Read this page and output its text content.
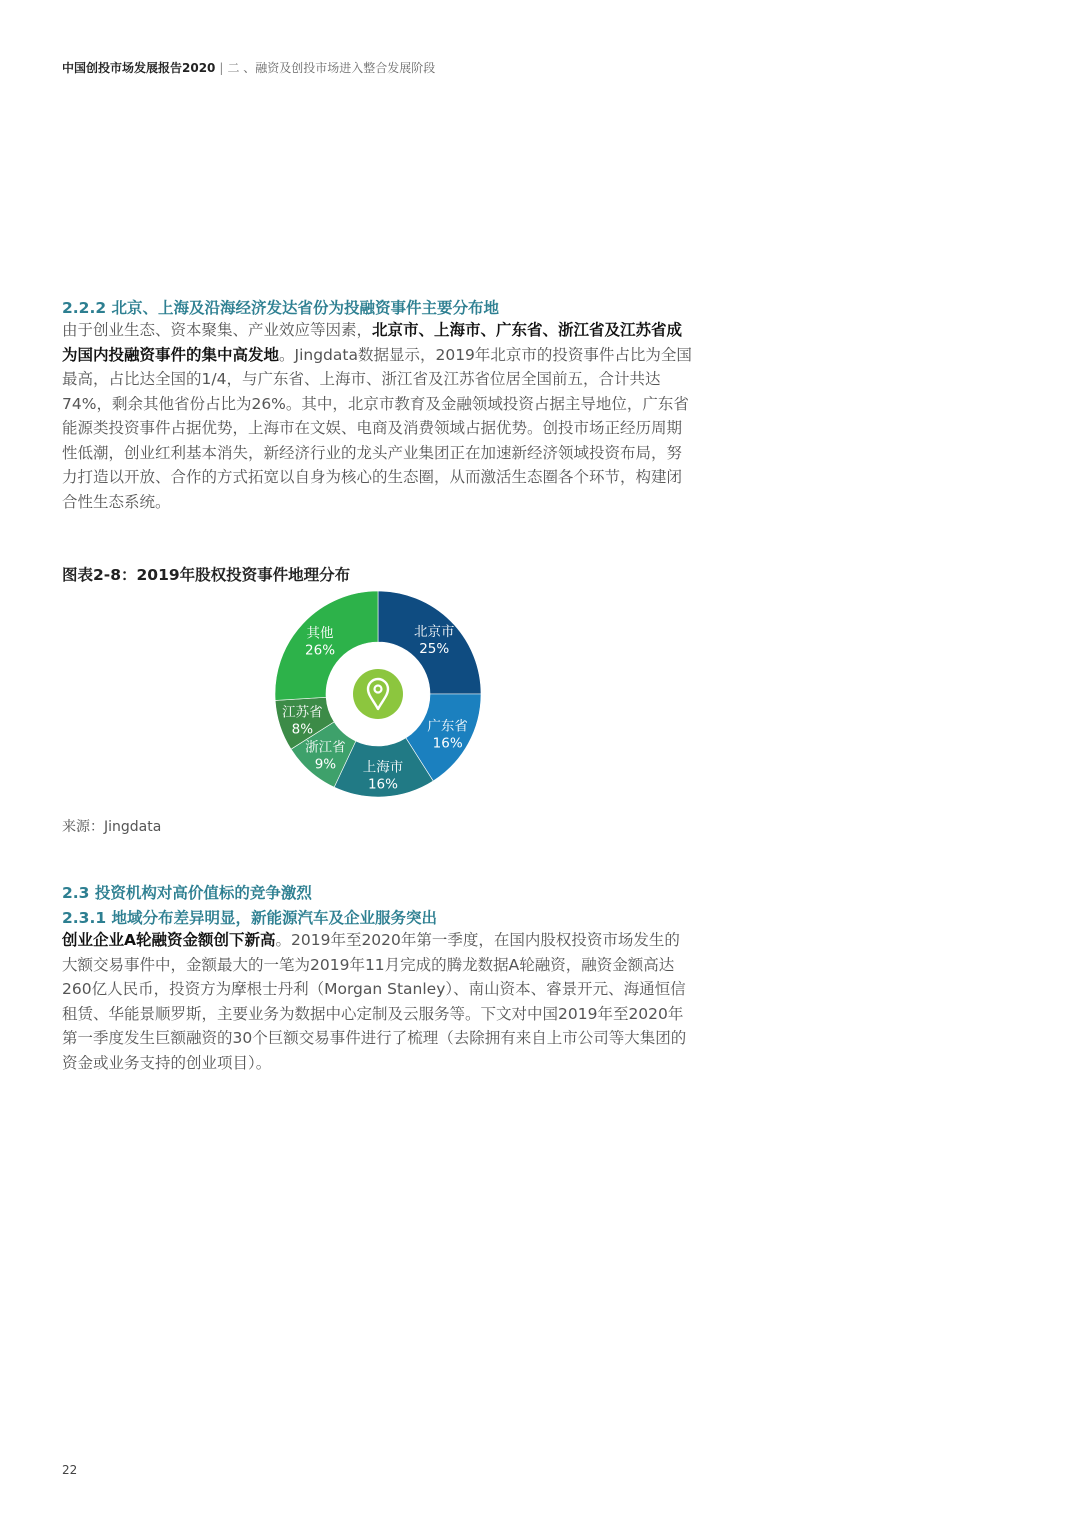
中国创投市场发展报告2020 | 二 、融资及创投市场进入整合发展阶段
2.2.2 北京、上海及沿海经济发达省份为投融资事件主要分布地
由于创业生态、资本聚集、产业效应等因素，北京市、上海市、广东省、浙江省及江苏省成为国内投融资事件的集中高发地。Jingdata数据显示，2019年北京市的投资事件占比为全国最高，占比达全国的1/4，与广东省、上海市、浙江省及江苏省位居全国前五，合计共达74%，剩余其他省份占比为26%。其中，北京市教育及金融领域投资占据主导地位，广东省能源类投资事件占据优势，上海市在文娱、电商及消费领域占据优势。创投市场正经历周期性低潮，创业红利基本消失，新经济行业的龙头产业集团正在加速新经济领域投资布局，努力打造以开放、合作的方式拓宽以自身为核心的生态圈，从而激活生态圈各个环节，构建闭合性生态系统。
图表2-8：2019年股权投资事件地理分布
北京市
25%
广东省
16%
上海市
16%
浙江省
9%
江苏省
8%
其他
26%
来源：Jingdata
2.3 投资机构对高价值标的竞争激烈
2.3.1 地域分布差异明显，新能源汽车及企业服务突出
创业企业A轮融资金额创下新高。2019年至2020年第一季度，在国内股权投资市场发生的大额交易事件中，金额最大的一笔为2019年11月完成的腾龙数据A轮融资，融资金额高达260亿人民币，投资方为摩根士丹利（Morgan Stanley）、南山资本、睿景开元、海通恒信租赁、华能景顺罗斯，主要业务为数据中心定制及云服务等。下文对中国2019年至2020年第一季度发生巨额融资的30个巨额交易事件进行了梳理（去除拥有来自上市公司等大集团的资金或业务支持的创业项目）。
22
